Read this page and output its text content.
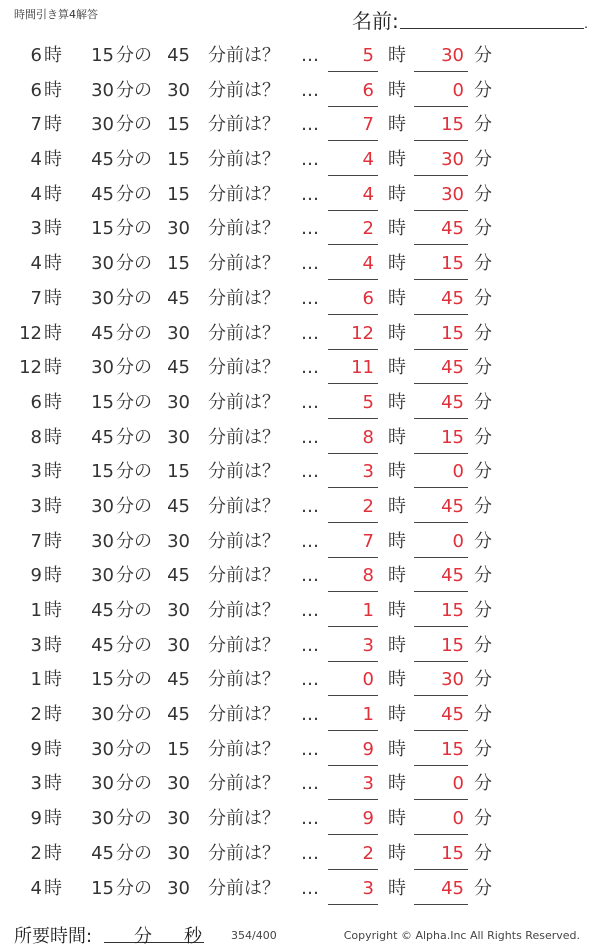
時間引き算4解答	名前:	.
6 時 15 分の 45 分前は？ …	5 時	30 分
6 時 30 分の 30 分前は？ …	6 時	0 分
7 時 30 分の 15 分前は？ …	7 時	15 分
4 時 45 分の 15 分前は？ …	4 時	30 分
4 時 45 分の 15 分前は？ …	4 時	30 分
3 時 15 分の 30 分前は？ …	2 時	45 分
4 時 30 分の 15 分前は？ …	4 時	15 分
7 時 30 分の 45 分前は？ …	6 時	45 分
12 時 45 分の 30 分前は？ …	12 時	15 分
12 時 30 分の 45 分前は？ …	11 時	45 分
6 時 15 分の 30 分前は？ …	5 時	45 分
8 時 45 分の 30 分前は？ …	8 時	15 分
3 時 15 分の 15 分前は？ …	3 時	0 分
3 時 30 分の 45 分前は？ …	2 時	45 分
7 時 30 分の 30 分前は？ …	7 時	0 分
9 時 30 分の 45 分前は？ …	8 時	45 分
1 時 45 分の 30 分前は？ …	1 時	15 分
3 時 45 分の 30 分前は？ …	3 時	15 分
1 時 15 分の 45 分前は？ …	0 時	30 分
2 時 30 分の 45 分前は？ …	1 時	45 分
9 時 30 分の 15 分前は？ …	9 時	15 分
3 時 30 分の 30 分前は？ …	3 時	0 分
9 時 30 分の 30 分前は？ …	9 時	0 分
2 時 45 分の 30 分前は？ …	2 時	15 分
4 時 15 分の 30 分前は？ …	3 時	45 分
所要時間: 分 秒	354/400	Copyright © Alpha.Inc All Rights Reserved.
